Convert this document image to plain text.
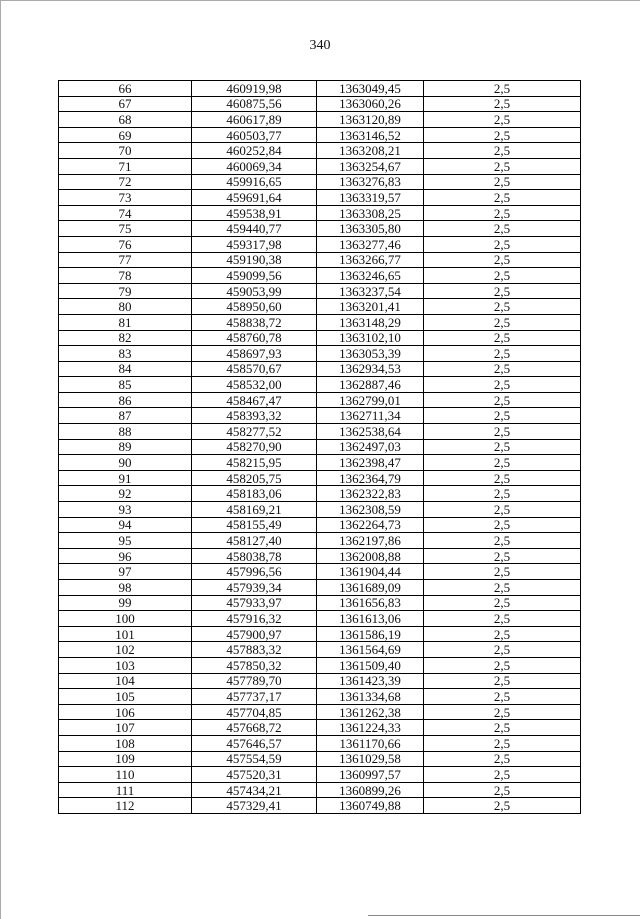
340
66	460919,98	1363049,45	2,5
67	460875,56	1363060,26	2,5
68	460617,89	1363120,89	2,5
69	460503,77	1363146,52	2,5
70	460252,84	1363208,21	2,5
71	460069,34	1363254,67	2,5
72	459916,65	1363276,83	2,5
73	459691,64	1363319,57	2,5
74	459538,91	1363308,25	2,5
75	459440,77	1363305,80	2,5
76	459317,98	1363277,46	2,5
77	459190,38	1363266,77	2,5
78	459099,56	1363246,65	2,5
79	459053,99	1363237,54	2,5
80	458950,60	1363201,41	2,5
81	458838,72	1363148,29	2,5
82	458760,78	1363102,10	2,5
83	458697,93	1363053,39	2,5
84	458570,67	1362934,53	2,5
85	458532,00	1362887,46	2,5
86	458467,47	1362799,01	2,5
87	458393,32	1362711,34	2,5
88	458277,52	1362538,64	2,5
89	458270,90	1362497,03	2,5
90	458215,95	1362398,47	2,5
91	458205,75	1362364,79	2,5
92	458183,06	1362322,83	2,5
93	458169,21	1362308,59	2,5
94	458155,49	1362264,73	2,5
95	458127,40	1362197,86	2,5
96	458038,78	1362008,88	2,5
97	457996,56	1361904,44	2,5
98	457939,34	1361689,09	2,5
99	457933,97	1361656,83	2,5
100	457916,32	1361613,06	2,5
101	457900,97	1361586,19	2,5
102	457883,32	1361564,69	2,5
103	457850,32	1361509,40	2,5
104	457789,70	1361423,39	2,5
105	457737,17	1361334,68	2,5
106	457704,85	1361262,38	2,5
107	457668,72	1361224,33	2,5
108	457646,57	1361170,66	2,5
109	457554,59	1361029,58	2,5
110	457520,31	1360997,57	2,5
111	457434,21	1360899,26	2,5
112	457329,41	1360749,88	2,5
